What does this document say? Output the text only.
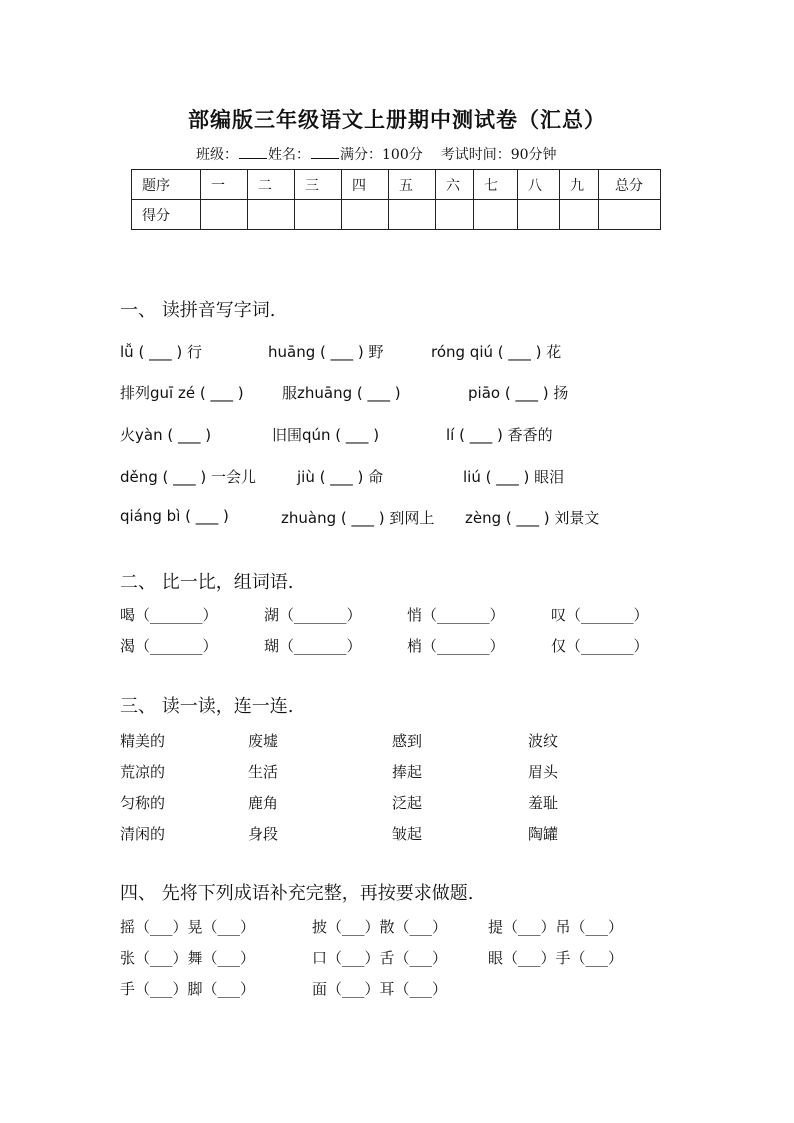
部编版三年级语文上册期中测试卷（汇总）
班级： 姓名： 满分：100分 考试时间：90分钟
题序	一	二	三	四	五	六	七	八	九	总分
得分										
一、 读拼音写字词.
lǚ ( ___ ) 行	huāng ( ___ ) 野	róng qiú ( ___ ) 花
排列guī zé ( ___ )	服zhuāng ( ___ )	piāo ( ___ ) 扬
火yàn ( ___ )	旧围qún ( ___ )	lí ( ___ ) 香香的
děng ( ___ ) 一会儿	jiù ( ___ ) 命	liú ( ___ ) 眼泪
qiáng bì ( ___ )	zhuàng ( ___ ) 到网上 zèng ( ___ ) 刘景文
二、 比一比，组词语.
喝（_______）	湖（_______）	悄（_______）	叹（_______）
渴（_______）	瑚（_______）	梢（_______）	仅（_______）
三、 读一读，连一连.
精美的	废墟	感到	波纹
荒凉的	生活	捧起	眉头
匀称的	鹿角	泛起	羞耻
清闲的	身段	皱起	陶罐
四、 先将下列成语补充完整，再按要求做题.
摇（___）晃（___）	披（___）散（___）	提（___）吊（___）
张（___）舞（___）	口（___）舌（___）	眼（___）手（___）
手（___）脚（___）	面（___）耳（___）
